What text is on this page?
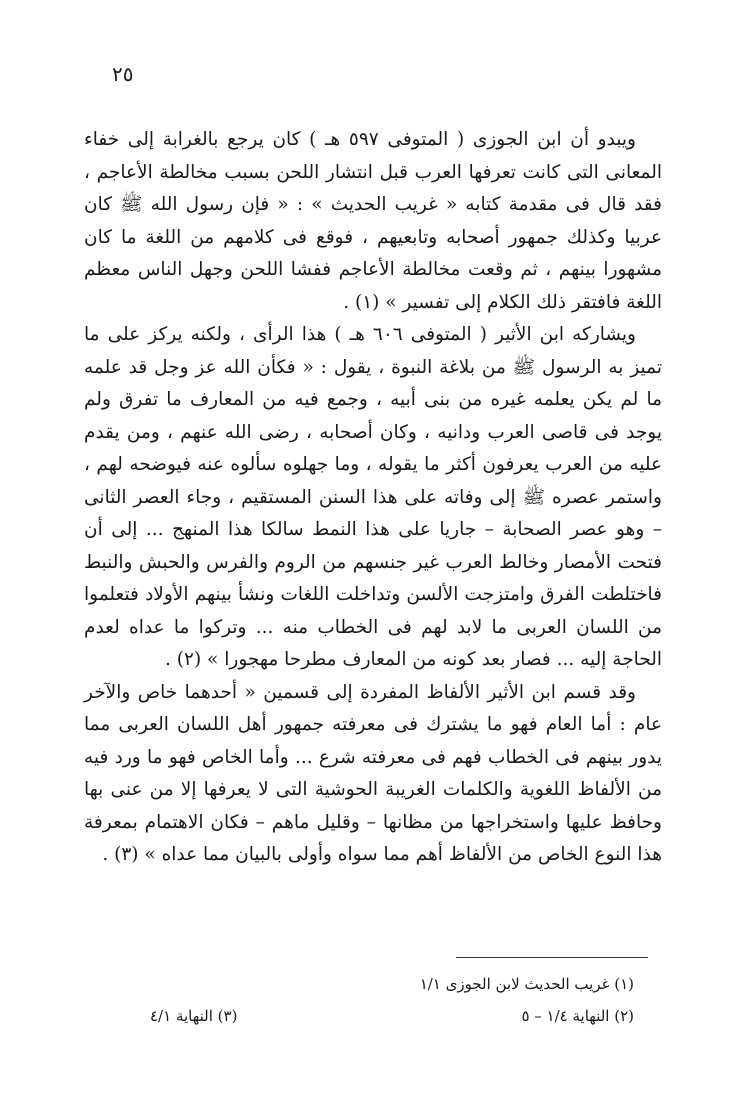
٢٥

ويبدو أن ابن الجوزى ( المتوفى ٥٩٧ هـ ) كان يرجع بالغرابة إلى خفاء المعانى التى كانت تعرفها العرب قبل انتشار اللحن بسبب مخالطة الأعاجم ، فقد قال فى مقدمة كتابه « غريب الحديث » : « فإن رسول الله ﷺ كان عربيا وكذلك جمهور أصحابه وتابعيهم ، فوقع فى كلامهم من اللغة ما كان مشهورا بينهم ، ثم وقعت مخالطة الأعاجم ففشا اللحن وجهل الناس معظم اللغة فافتقر ذلك الكلام إلى تفسير » (١) .

ويشاركه ابن الأثير ( المتوفى ٦٠٦ هـ ) هذا الرأى ، ولكنه يركز على ما تميز به الرسول ﷺ من بلاغة النبوة ، يقول : « فكأن الله عز وجل قد علمه ما لم يكن يعلمه غيره من بنى أبيه ، وجمع فيه من المعارف ما تفرق ولم يوجد فى قاصى العرب ودانيه ، وكان أصحابه ، رضى الله عنهم ، ومن يقدم عليه من العرب يعرفون أكثر ما يقوله ، وما جهلوه سألوه عنه فيوضحه لهم ، واستمر عصره ﷺ إلى وفاته على هذا السنن المستقيم ، وجاء العصر الثانى – وهو عصر الصحابة – جاريا على هذا النمط سالكا هذا المنهج ... إلى أن فتحت الأمصار وخالط العرب غير جنسهم من الروم والفرس والحبش والنبط فاختلطت الفرق وامتزجت الألسن وتداخلت اللغات ونشأ بينهم الأولاد فتعلموا من اللسان العربى ما لابد لهم فى الخطاب منه ... وتركوا ما عداه لعدم الحاجة إليه ... فصار بعد كونه من المعارف مطرحا مهجورا » (٢) .

وقد قسم ابن الأثير الألفاظ المفردة إلى قسمين « أحدهما خاص والآخر عام : أما العام فهو ما يشترك فى معرفته جمهور أهل اللسان العربى مما يدور بينهم فى الخطاب فهم فى معرفته شرع ... وأما الخاص فهو ما ورد فيه من الألفاظ اللغوية والكلمات الغريبة الحوشية التى لا يعرفها إلا من عنى بها وحافظ عليها واستخراجها من مظانها – وقليل ماهم – فكان الاهتمام بمعرفة هذا النوع الخاص من الألفاظ أهم مما سواه وأولى بالبيان مما عداه » (٣) .

(١) غريب الحديث لابن الجوزى ١/١
(٢) النهاية ١/٤ – ٥
(٣) النهاية ٤/١
